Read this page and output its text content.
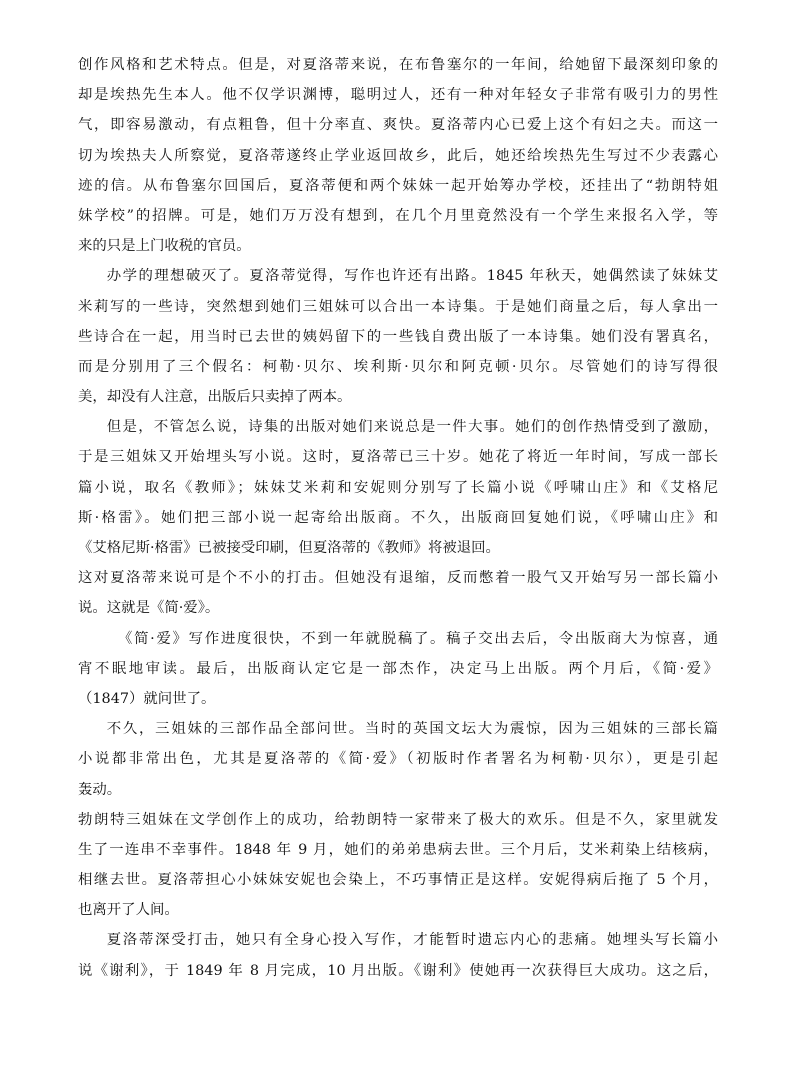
创作风格和艺术特点。但是，对夏洛蒂来说，在布鲁塞尔的一年间，给她留下最深刻印象的
却是埃热先生本人。他不仅学识渊博，聪明过人，还有一种对年轻女子非常有吸引力的男性
气，即容易激动，有点粗鲁，但十分率直、爽快。夏洛蒂内心已爱上这个有妇之夫。而这一
切为埃热夫人所察觉，夏洛蒂遂终止学业返回故乡，此后，她还给埃热先生写过不少表露心
迹的信。从布鲁塞尔回国后，夏洛蒂便和两个妹妹一起开始筹办学校，还挂出了“勃朗特姐
妹学校”的招牌。可是，她们万万没有想到，在几个月里竟然没有一个学生来报名入学，等
来的只是上门收税的官员。
办学的理想破灭了。夏洛蒂觉得，写作也许还有出路。1845 年秋天，她偶然读了妹妹艾
米莉写的一些诗，突然想到她们三姐妹可以合出一本诗集。于是她们商量之后，每人拿出一
些诗合在一起，用当时已去世的姨妈留下的一些钱自费出版了一本诗集。她们没有署真名，
而是分别用了三个假名：柯勒·贝尔、埃利斯·贝尔和阿克顿·贝尔。尽管她们的诗写得很
美，却没有人注意，出版后只卖掉了两本。
但是，不管怎么说，诗集的出版对她们来说总是一件大事。她们的创作热情受到了激励，
于是三姐妹又开始埋头写小说。这时，夏洛蒂已三十岁。她花了将近一年时间，写成一部长
篇小说，取名《教师》；妹妹艾米莉和安妮则分别写了长篇小说《呼啸山庄》和《艾格尼
斯·格雷》。她们把三部小说一起寄给出版商。不久，出版商回复她们说，《呼啸山庄》和
《艾格尼斯·格雷》已被接受印刷，但夏洛蒂的《教师》将被退回。
这对夏洛蒂来说可是个不小的打击。但她没有退缩，反而憋着一股气又开始写另一部长篇小
说。这就是《简·爱》。
《简·爱》写作进度很快，不到一年就脱稿了。稿子交出去后，令出版商大为惊喜，通
宵不眠地审读。最后，出版商认定它是一部杰作，决定马上出版。两个月后，《简·爱》
（1847）就问世了。
不久，三姐妹的三部作品全部问世。当时的英国文坛大为震惊，因为三姐妹的三部长篇
小说都非常出色，尤其是夏洛蒂的《简·爱》（初版时作者署名为柯勒·贝尔），更是引起
轰动。
勃朗特三姐妹在文学创作上的成功，给勃朗特一家带来了极大的欢乐。但是不久，家里就发
生了一连串不幸事件。1848 年 9 月，她们的弟弟患病去世。三个月后，艾米莉染上结核病，
相继去世。夏洛蒂担心小妹妹安妮也会染上，不巧事情正是这样。安妮得病后拖了 5 个月，
也离开了人间。
夏洛蒂深受打击，她只有全身心投入写作，才能暂时遗忘内心的悲痛。她埋头写长篇小
说《谢利》，于 1849 年 8 月完成，10 月出版。《谢利》使她再一次获得巨大成功。这之后，
